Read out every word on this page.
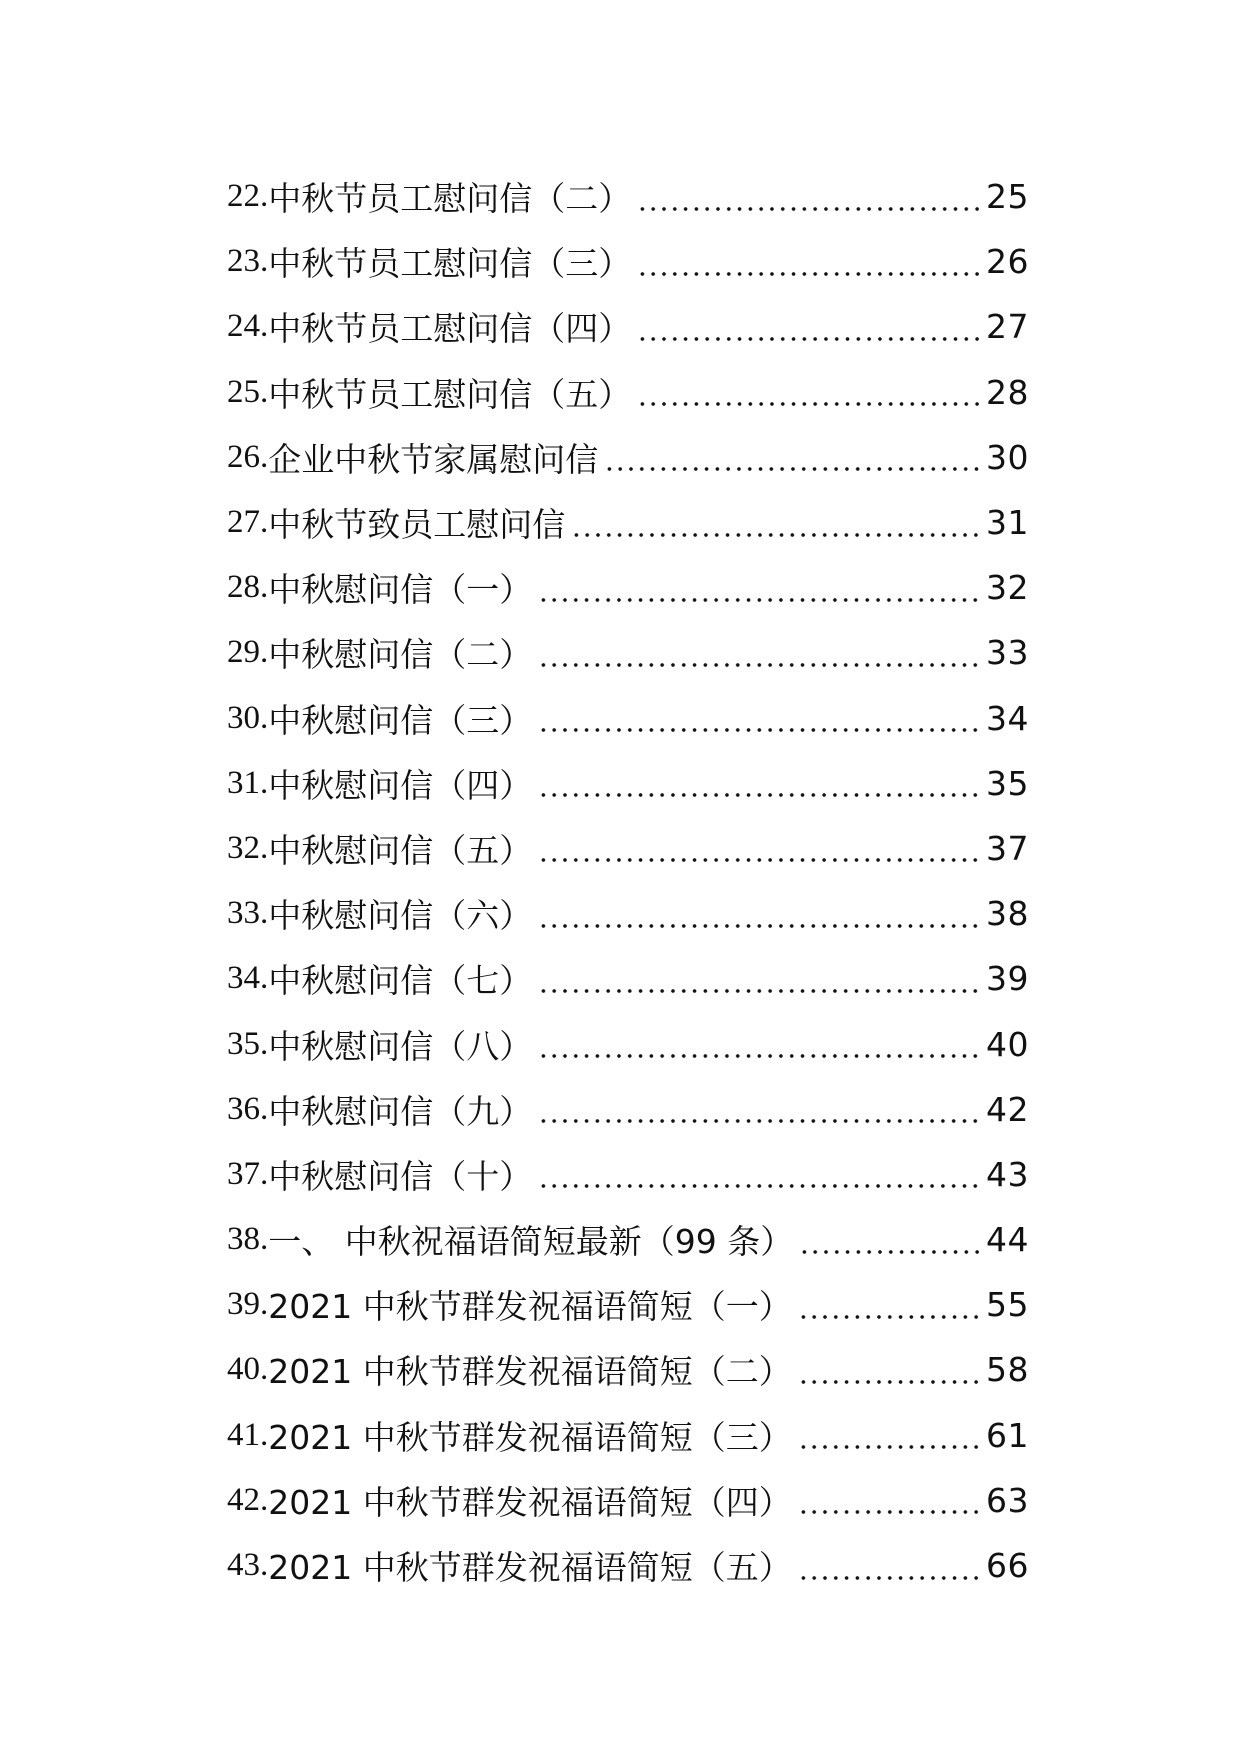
22. 中秋节员工慰问信（二）	25
23. 中秋节员工慰问信（三）	26
24. 中秋节员工慰问信（四）	27
25. 中秋节员工慰问信（五）	28
26. 企业中秋节家属慰问信	30
27. 中秋节致员工慰问信	31
28. 中秋慰问信（一）	32
29. 中秋慰问信（二）	33
30. 中秋慰问信（三）	34
31. 中秋慰问信（四）	35
32. 中秋慰问信（五）	37
33. 中秋慰问信（六）	38
34. 中秋慰问信（七）	39
35. 中秋慰问信（八）	40
36. 中秋慰问信（九）	42
37. 中秋慰问信（十）	43
38. 一、 中秋祝福语简短最新（99 条）	44
39. 2021 中秋节群发祝福语简短（一）	55
40. 2021 中秋节群发祝福语简短（二）	58
41. 2021 中秋节群发祝福语简短（三）	61
42. 2021 中秋节群发祝福语简短（四）	63
43. 2021 中秋节群发祝福语简短（五）	66
